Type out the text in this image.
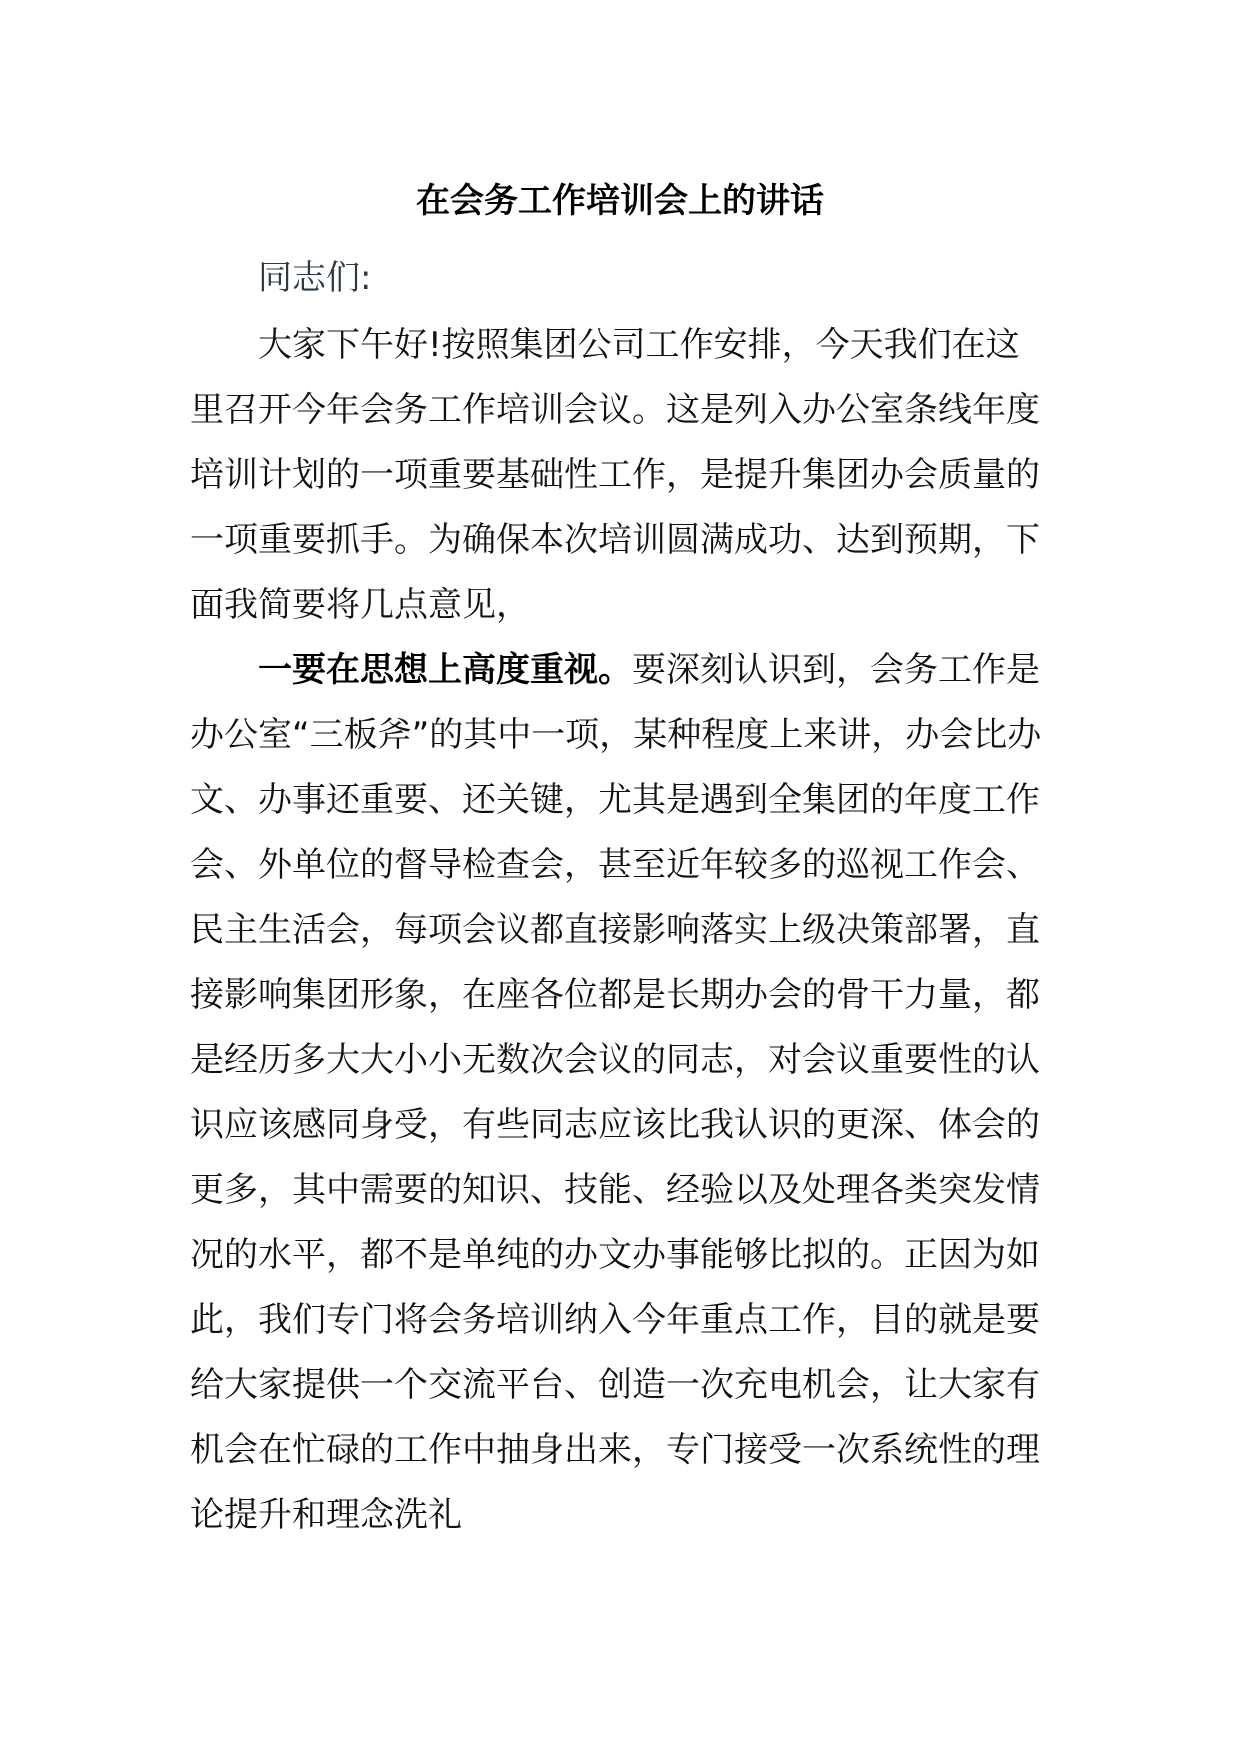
在会务工作培训会上的讲话

同志们:

大家下午好!按照集团公司工作安排，今天我们在这里召开今年会务工作培训会议。这是列入办公室条线年度培训计划的一项重要基础性工作，是提升集团办会质量的一项重要抓手。为确保本次培训圆满成功、达到预期，下面我简要将几点意见，

一要在思想上高度重视。要深刻认识到，会务工作是办公室“三板斧”的其中一项，某种程度上来讲，办会比办文、办事还重要、还关键，尤其是遇到全集团的年度工作会、外单位的督导检查会，甚至近年较多的巡视工作会、民主生活会，每项会议都直接影响落实上级决策部署，直接影响集团形象，在座各位都是长期办会的骨干力量，都是经历多大大小小无数次会议的同志，对会议重要性的认识应该感同身受，有些同志应该比我认识的更深、体会的更多，其中需要的知识、技能、经验以及处理各类突发情况的水平，都不是单纯的办文办事能够比拟的。正因为如此，我们专门将会务培训纳入今年重点工作，目的就是要给大家提供一个交流平台、创造一次充电机会，让大家有机会在忙碌的工作中抽身出来，专门接受一次系统性的理论提升和理念洗礼
